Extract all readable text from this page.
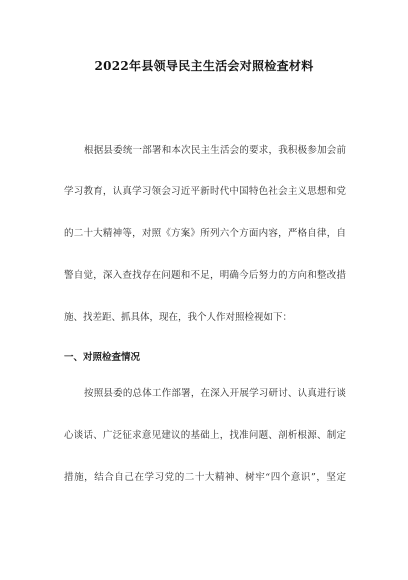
2022年县领导民主生活会对照检查材料
根据县委统一部署和本次民主生活会的要求，我积极参加会前
学习教育，认真学习领会习近平新时代中国特色社会主义思想和党
的二十大精神等，对照《方案》所列六个方面内容，严格自律，自
警自觉，深入查找存在问题和不足，明确今后努力的方向和整改措
施、找差距、抓具体，现在，我个人作对照检视如下：
一、对照检查情况
按照县委的总体工作部署，在深入开展学习研讨、认真进行谈
心谈话、广泛征求意见建议的基础上，找准问题、剖析根源、制定
措施，结合自己在学习党的二十大精神、树牢“四个意识”，坚定
